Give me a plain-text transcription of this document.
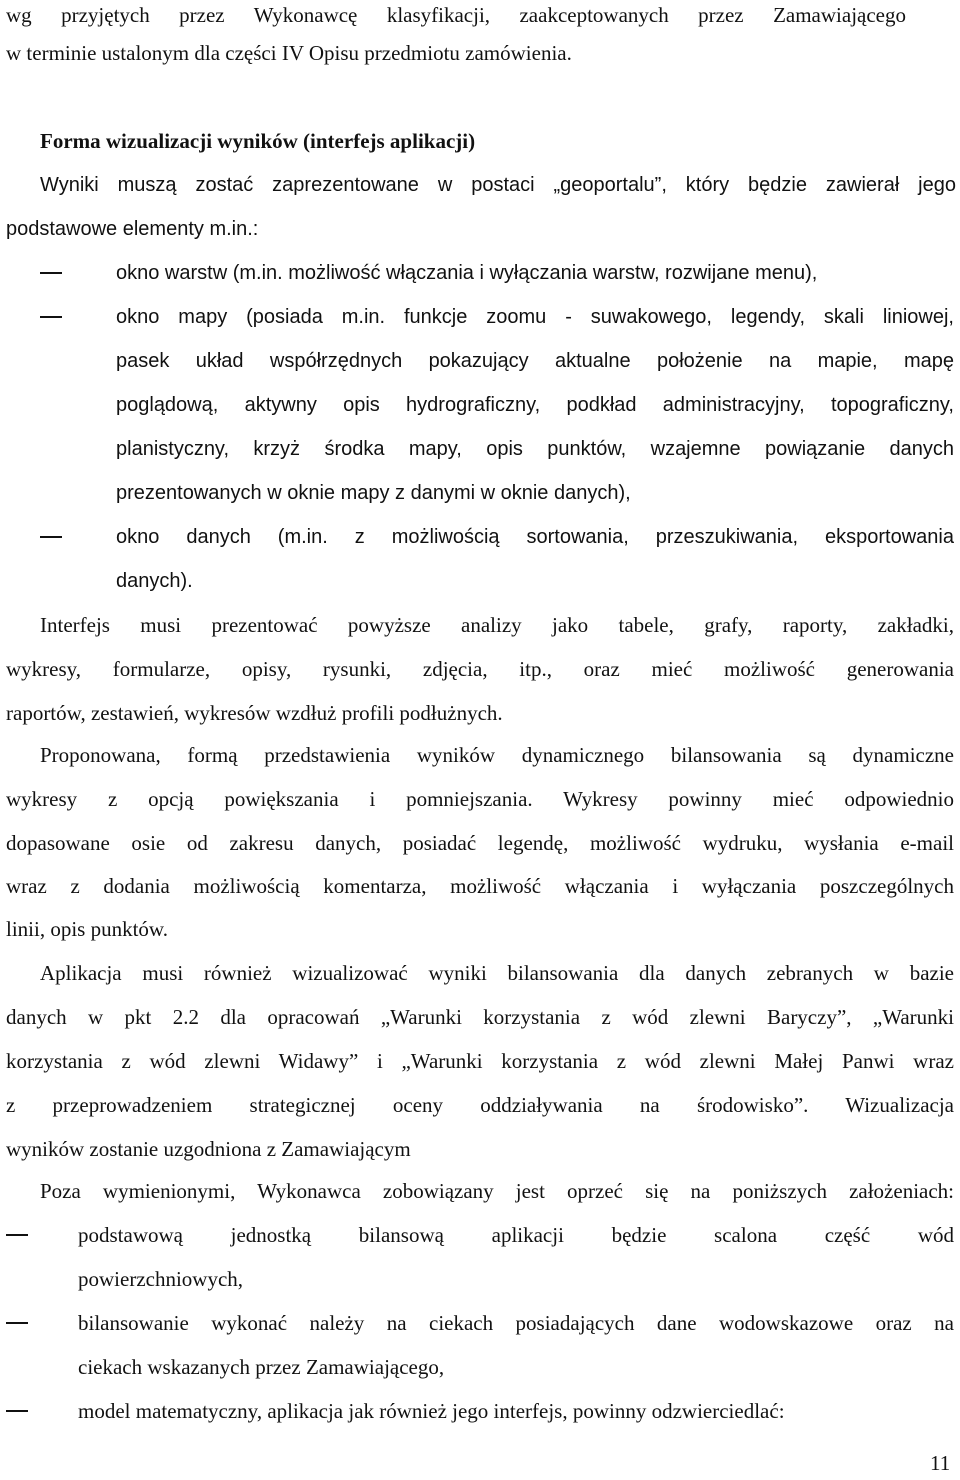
wg przyjętych przez Wykonawcę klasyfikacji, zaakceptowanych przez Zamawiającego
w terminie ustalonym dla części IV Opisu przedmiotu zamówienia.
Forma wizualizacji wyników (interfejs aplikacji)
Wyniki muszą zostać zaprezentowane w postaci „geoportalu”, który będzie zawierał jego
podstawowe elementy m.in.:
okno warstw (m.in. możliwość włączania i wyłączania warstw, rozwijane menu),
okno mapy (posiada m.in. funkcje zoomu - suwakowego, legendy, skali liniowej,
pasek układ współrzędnych pokazujący aktualne położenie na mapie, mapę
poglądową, aktywny opis hydrograficzny, podkład administracyjny, topograficzny,
planistyczny, krzyż środka mapy, opis punktów, wzajemne powiązanie danych
prezentowanych w oknie mapy z danymi w oknie danych),
okno danych (m.in. z możliwością sortowania, przeszukiwania, eksportowania
danych).
Interfejs musi prezentować powyższe analizy jako tabele, grafy, raporty, zakładki,
wykresy, formularze, opisy, rysunki, zdjęcia, itp., oraz mieć możliwość generowania
raportów, zestawień, wykresów wzdłuż profili podłużnych.
Proponowana, formą przedstawienia wyników dynamicznego bilansowania są dynamiczne
wykresy z opcją powiększania i pomniejszania. Wykresy powinny mieć odpowiednio
dopasowane osie od zakresu danych, posiadać legendę, możliwość wydruku, wysłania e-mail
wraz z dodania możliwością komentarza, możliwość włączania i wyłączania poszczególnych
linii, opis punktów.
Aplikacja musi również wizualizować wyniki bilansowania dla danych zebranych w bazie
danych w pkt 2.2 dla opracowań „Warunki korzystania z wód zlewni Baryczy”, „Warunki
korzystania z wód zlewni Widawy” i „Warunki korzystania z wód zlewni Małej Panwi wraz
z przeprowadzeniem strategicznej oceny oddziaływania na środowisko”. Wizualizacja
wyników zostanie uzgodniona z Zamawiającym
Poza wymienionymi, Wykonawca zobowiązany jest oprzeć się na poniższych założeniach:
podstawową jednostką bilansową aplikacji będzie scalona część wód
powierzchniowych,
bilansowanie wykonać należy na ciekach posiadających dane wodowskazowe oraz na
ciekach wskazanych przez Zamawiającego,
model matematyczny, aplikacja jak również jego interfejs, powinny odzwierciedlać:
11
